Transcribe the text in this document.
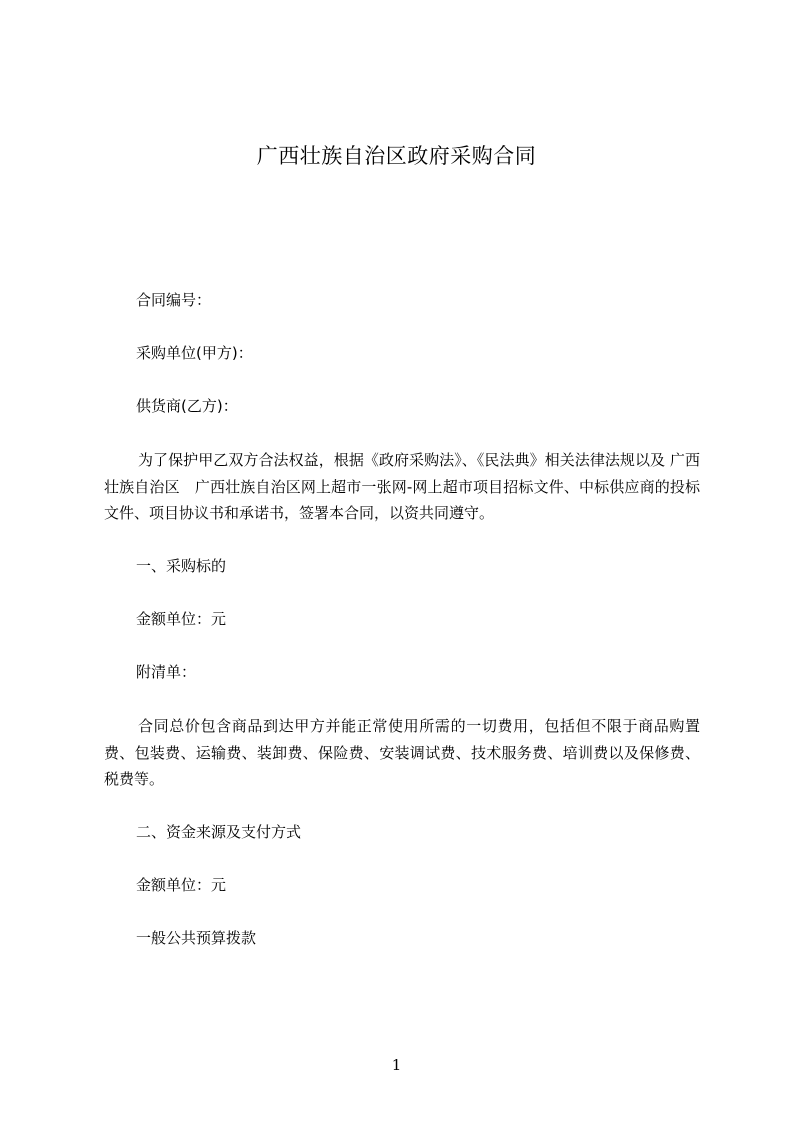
广西壮族自治区政府采购合同
合同编号：
采购单位(甲方)：
供货商(乙方)：

为了保护甲乙双方合法权益，根据《政府采购法》、《民法典》相关法律法规以及 广西壮族自治区　广西壮族自治区网上超市一张网-网上超市项目招标文件、中标供应商的投标文件、项目协议书和承诺书，签署本合同，以资共同遵守。

一、采购标的
金额单位：元
附清单：

合同总价包含商品到达甲方并能正常使用所需的一切费用，包括但不限于商品购置费、包装费、运输费、装卸费、保险费、安装调试费、技术服务费、培训费以及保修费、税费等。

二、资金来源及支付方式
金额单位：元
一般公共预算拨款
1
